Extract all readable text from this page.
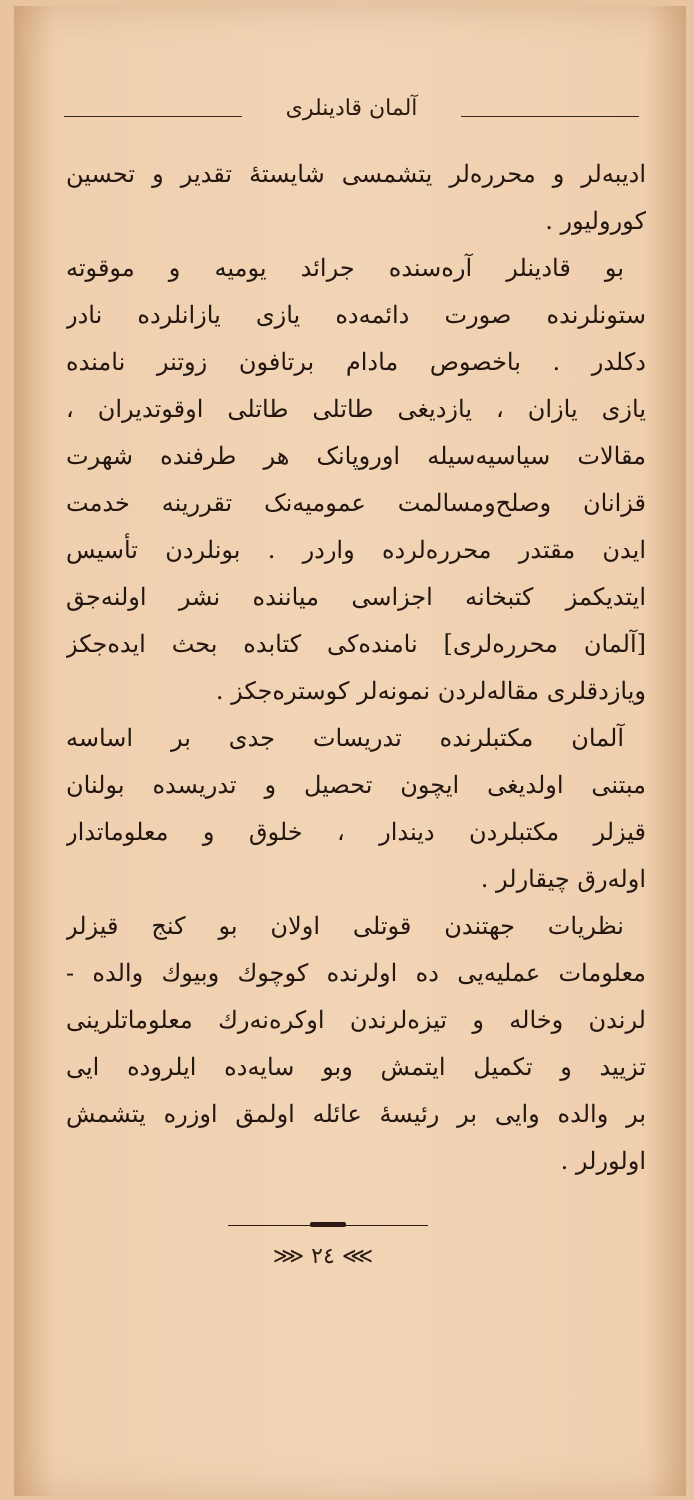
آلمان قادینلری
ادیبه‌لر و محرره‌لر یتشمسی شایستهٔ تقدیر و تحسین
کورولیور .
بو قادینلر آره‌سنده جرائد یومیه و موقوته
ستونلرنده صورت دائمه‌ده یازی یازانلرده نادر
دکلدر . باخصوص مادام برتافون زوتنر نامنده
یازی یازان ، یازدیغی طاتلی طاتلی اوقوتدیران ،
مقالات سیاسیه‌سیله اوروپانک هر طرفنده شهرت
قزانان وصلح‌ومسالمت عمومیه‌نک تقررینه خدمت
ایدن مقتدر محرره‌لرده واردر . بونلردن تأسیس
ایتدیکمز کتبخانه اجزاسی میاننده نشر اولنه‌جق
[آلمان محرره‌لری] نامنده‌کی کتابده بحث ایده‌جکز
ویازدقلری مقاله‌لردن نمونه‌لر کوستره‌جکز .
آلمان مکتبلرنده تدریسات جدی بر اساسه
مبتنی اولدیغی ایچون تحصیل و تدریسده بولنان
قیزلر مکتبلردن دیندار ، خلوق و معلوماتدار
اوله‌رق چیقارلر .
نظریات جهتندن قوتلی اولان بو کنج قیزلر
معلومات عملیه‌یی ده اولرنده کوچوك وبیوك والده -
لرندن وخاله و تیزه‌لرندن اوکره‌نه‌رك معلوماتلرینی
تزیید و تکمیل ایتمش وبو سایه‌ده ایلروده ایی
بر والده وایی بر رئیسهٔ عائله اولمق اوزره یتشمش
اولورلر .
⋙ ٢٤ ⋘
